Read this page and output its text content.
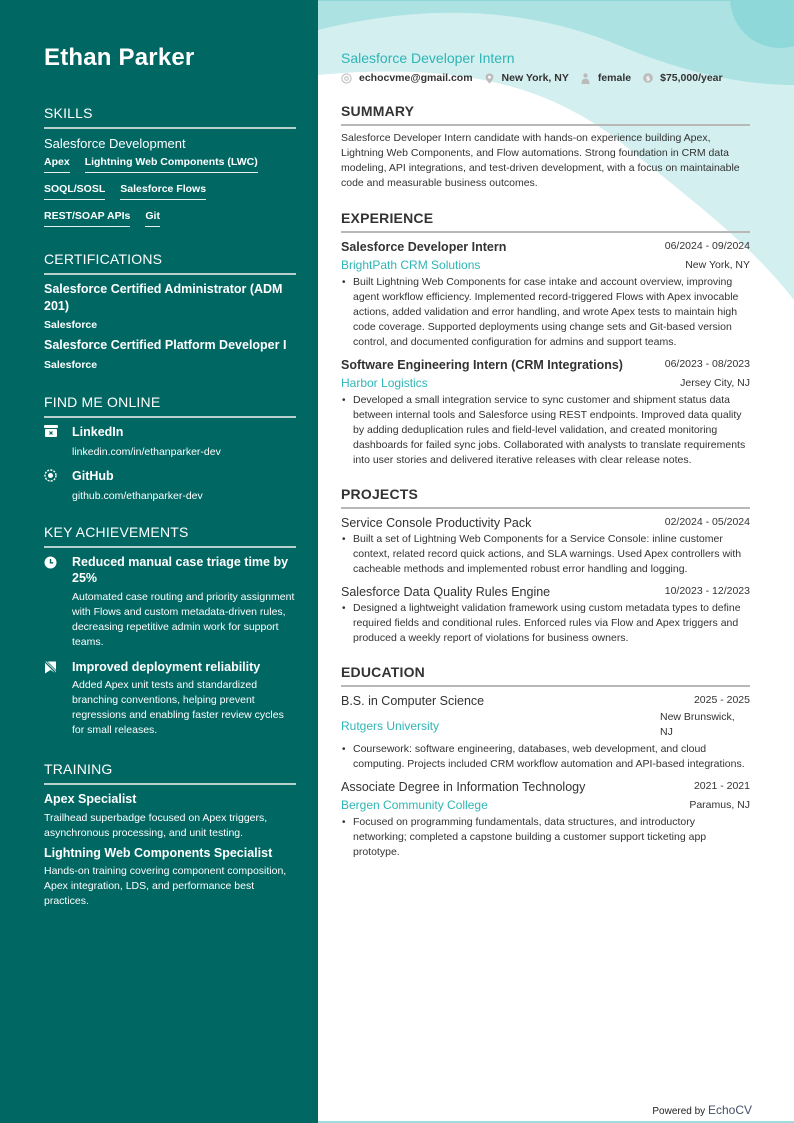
Ethan Parker
SKILLS
Salesforce Development
Apex Lightning Web Components (LWC)
SOQL/SOSL Salesforce Flows
REST/SOAP APIs Git
CERTIFICATIONS
Salesforce Certified Administrator (ADM 201)
Salesforce
Salesforce Certified Platform Developer I
Salesforce
FIND ME ONLINE
LinkedIn
linkedin.com/in/ethanparker-dev
GitHub
github.com/ethanparker-dev
KEY ACHIEVEMENTS
Reduced manual case triage time by 25%
Automated case routing and priority assignment with Flows and custom metadata-driven rules, decreasing repetitive admin work for support teams.
Improved deployment reliability
Added Apex unit tests and standardized branching conventions, helping prevent regressions and enabling faster review cycles for small releases.
TRAINING
Apex Specialist
Trailhead superbadge focused on Apex triggers, asynchronous processing, and unit testing.
Lightning Web Components Specialist
Hands-on training covering component composition, Apex integration, LDS, and performance best practices.
Salesforce Developer Intern
echocvme@gmail.com	New York, NY	female $ $75,000/year
SUMMARY

Salesforce Developer Intern candidate with hands-on experience building Apex, Lightning Web Components, and Flow automations. Strong foundation in CRM data modeling, API integrations, and test-driven development, with a focus on maintainable code and measurable business outcomes.

EXPERIENCE
Salesforce Developer Intern	06/2024 - 09/2024
BrightPath CRM Solutions	New York, NY
• Built Lightning Web Components for case intake and account overview, improving agent workflow efficiency. Implemented record-triggered Flows with Apex invocable actions, added validation and error handling, and wrote Apex tests to maintain high code coverage. Supported deployments using change sets and Git-based version control, and documented configuration for admins and support teams.
Software Engineering Intern (CRM Integrations)	06/2023 - 08/2023
Harbor Logistics	Jersey City, NJ
• Developed a small integration service to sync customer and shipment status data between internal tools and Salesforce using REST endpoints. Improved data quality by adding deduplication rules and field-level validation, and created monitoring dashboards for failed sync jobs. Collaborated with analysts to translate requirements into user stories and delivered iterative releases with clear release notes.
PROJECTS
Service Console Productivity Pack	02/2024 - 05/2024
• Built a set of Lightning Web Components for a Service Console: inline customer context, related record quick actions, and SLA warnings. Used Apex controllers with cacheable methods and implemented robust error handling and logging.
Salesforce Data Quality Rules Engine	10/2023 - 12/2023
• Designed a lightweight validation framework using custom metadata types to define required fields and conditional rules. Enforced rules via Flow and Apex triggers and produced a weekly report of violations for business owners.
EDUCATION
B.S. in Computer Science	2025 - 2025
Rutgers University
New Brunswick, NJ
• Coursework: software engineering, databases, web development, and cloud computing. Projects included CRM workflow automation and API-based integrations.
Associate Degree in Information Technology	2021 - 2021
Bergen Community College	Paramus, NJ
• Focused on programming fundamentals, data structures, and introductory networking; completed a capstone building a customer support ticketing app prototype.
Powered by EchoCV
